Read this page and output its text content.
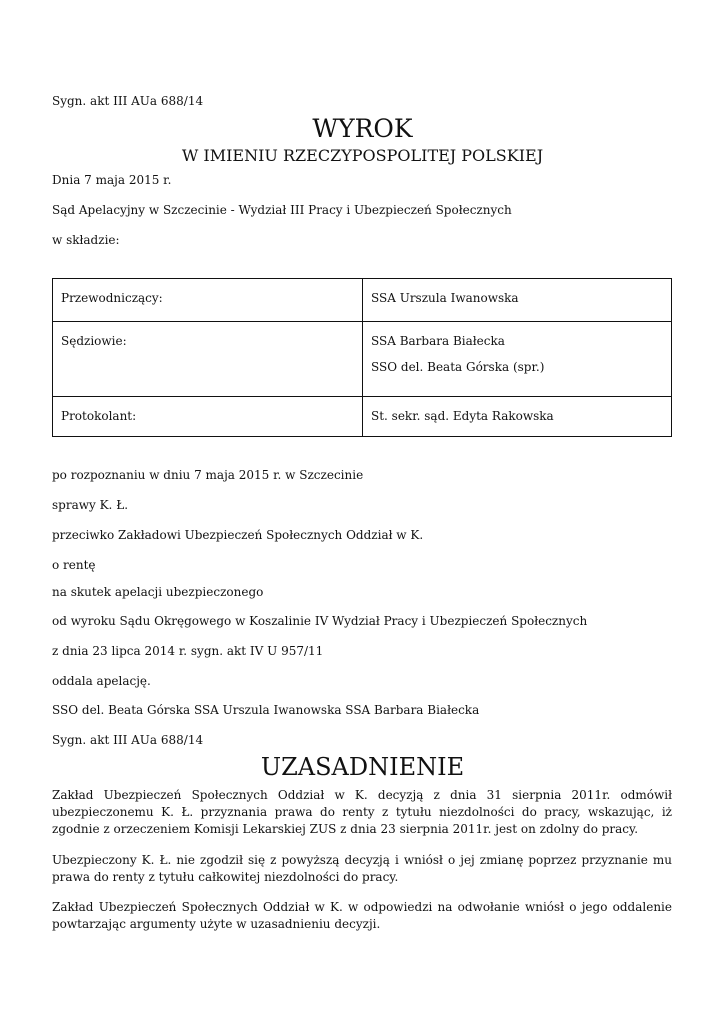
Sygn. akt III AUa 688/14
WYROK
W IMIENIU RZECZYPOSPOLITEJ POLSKIEJ
Dnia 7 maja 2015 r.
Sąd Apelacyjny w Szczecinie - Wydział III Pracy i Ubezpieczeń Społecznych
w składzie:
Przewodniczący:	SSA Urszula Iwanowska
Sędziowie:	SSA Barbara Białecka
SSO del. Beata Górska (spr.)

Protokolant:	St. sekr. sąd. Edyta Rakowska
po rozpoznaniu w dniu 7 maja 2015 r. w Szczecinie
sprawy K. Ł.
przeciwko Zakładowi Ubezpieczeń Społecznych Oddział w K.
o rentę
na skutek apelacji ubezpieczonego
od wyroku Sądu Okręgowego w Koszalinie IV Wydział Pracy i Ubezpieczeń Społecznych
z dnia 23 lipca 2014 r. sygn. akt IV U 957/11
oddala apelację.
SSO del. Beata Górska SSA Urszula Iwanowska SSA Barbara Białecka
Sygn. akt III AUa 688/14
UZASADNIENIE
Zakład Ubezpieczeń Społecznych Oddział w K. decyzją z dnia 31 sierpnia 2011r. odmówił ubezpieczonemu K. Ł. przyznania prawa do renty z tytułu niezdolności do pracy, wskazując, iż zgodnie z orzeczeniem Komisji Lekarskiej ZUS z dnia 23 sierpnia 2011r. jest on zdolny do pracy.
Ubezpieczony K. Ł. nie zgodził się z powyższą decyzją i wniósł o jej zmianę poprzez przyznanie mu prawa do renty z tytułu całkowitej niezdolności do pracy.
Zakład Ubezpieczeń Społecznych Oddział w K. w odpowiedzi na odwołanie wniósł o jego oddalenie powtarzając argumenty użyte w uzasadnieniu decyzji.
